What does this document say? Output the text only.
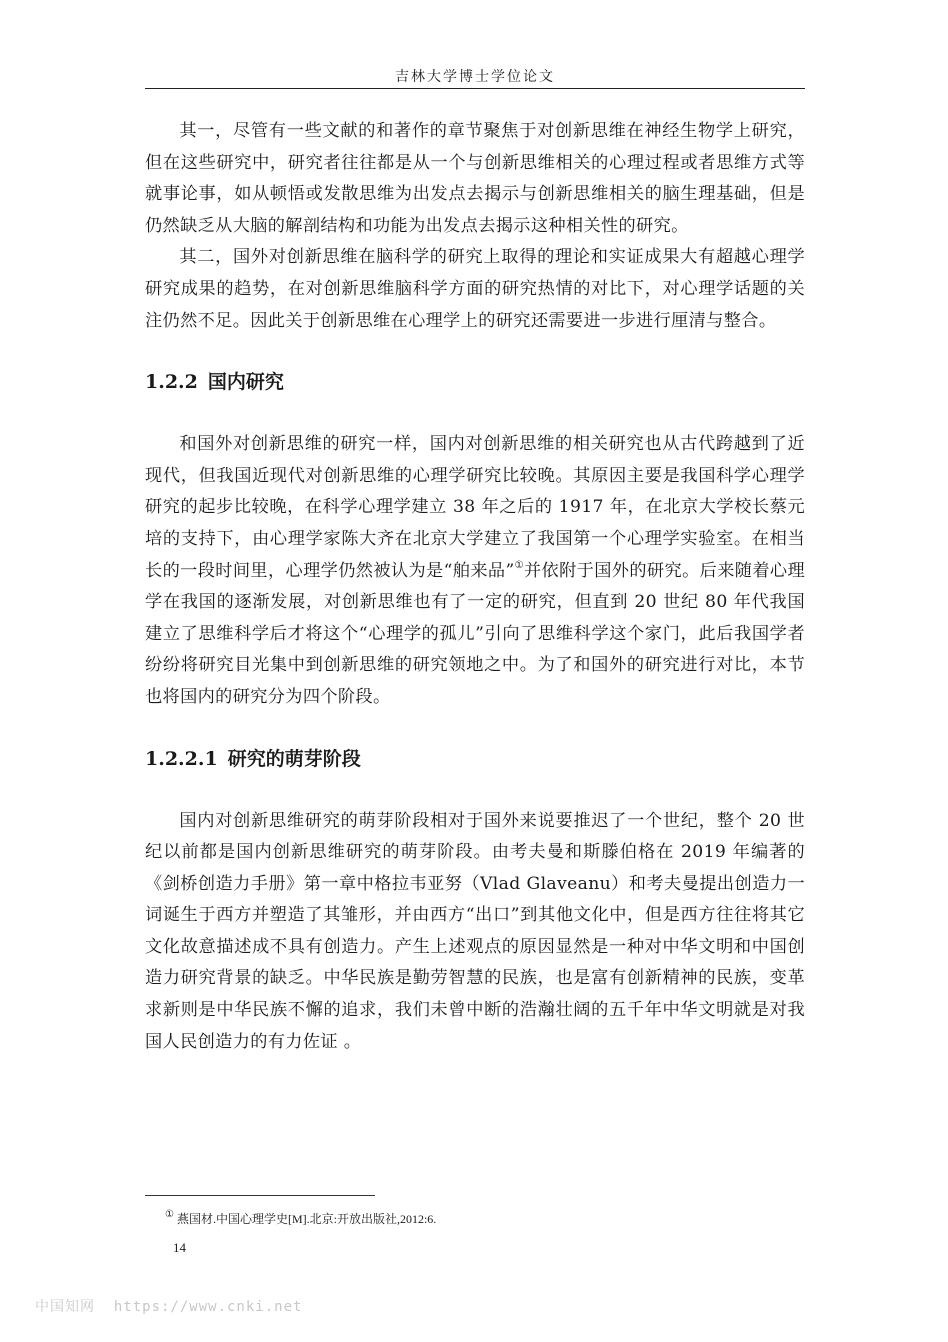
吉林大学博士学位论文

其一，尽管有一些文献的和著作的章节聚焦于对创新思维在神经生物学上研究，但在这些研究中，研究者往往都是从一个与创新思维相关的心理过程或者思维方式等就事论事，如从顿悟或发散思维为出发点去揭示与创新思维相关的脑生理基础，但是仍然缺乏从大脑的解剖结构和功能为出发点去揭示这种相关性的研究。

其二，国外对创新思维在脑科学的研究上取得的理论和实证成果大有超越心理学研究成果的趋势，在对创新思维脑科学方面的研究热情的对比下，对心理学话题的关注仍然不足。因此关于创新思维在心理学上的研究还需要进一步进行厘清与整合。

1.2.2 国内研究

和国外对创新思维的研究一样，国内对创新思维的相关研究也从古代跨越到了近现代，但我国近现代对创新思维的心理学研究比较晚。其原因主要是我国科学心理学研究的起步比较晚，在科学心理学建立 38 年之后的 1917 年，在北京大学校长蔡元培的支持下，由心理学家陈大齐在北京大学建立了我国第一个心理学实验室。在相当长的一段时间里，心理学仍然被认为是“舶来品”①并依附于国外的研究。后来随着心理学在我国的逐渐发展，对创新思维也有了一定的研究，但直到 20 世纪 80 年代我国建立了思维科学后才将这个“心理学的孤儿”引向了思维科学这个家门，此后我国学者纷纷将研究目光集中到创新思维的研究领地之中。为了和国外的研究进行对比，本节也将国内的研究分为四个阶段。

1.2.2.1 研究的萌芽阶段

国内对创新思维研究的萌芽阶段相对于国外来说要推迟了一个世纪，整个 20 世纪以前都是国内创新思维研究的萌芽阶段。由考夫曼和斯滕伯格在 2019 年编著的《剑桥创造力手册》第一章中格拉韦亚努（Vlad Glaveanu）和考夫曼提出创造力一词诞生于西方并塑造了其雏形，并由西方“出口”到其他文化中，但是西方往往将其它文化故意描述成不具有创造力。产生上述观点的原因显然是一种对中华文明和中国创造力研究背景的缺乏。中华民族是勤劳智慧的民族，也是富有创新精神的民族，变革求新则是中华民族不懈的追求，我们未曾中断的浩瀚壮阔的五千年中华文明就是对我国人民创造力的有力佐证 。

① 燕国材.中国心理学史[M].北京:开放出版社,2012:6.
14
中国知网  https://www.cnki.net
